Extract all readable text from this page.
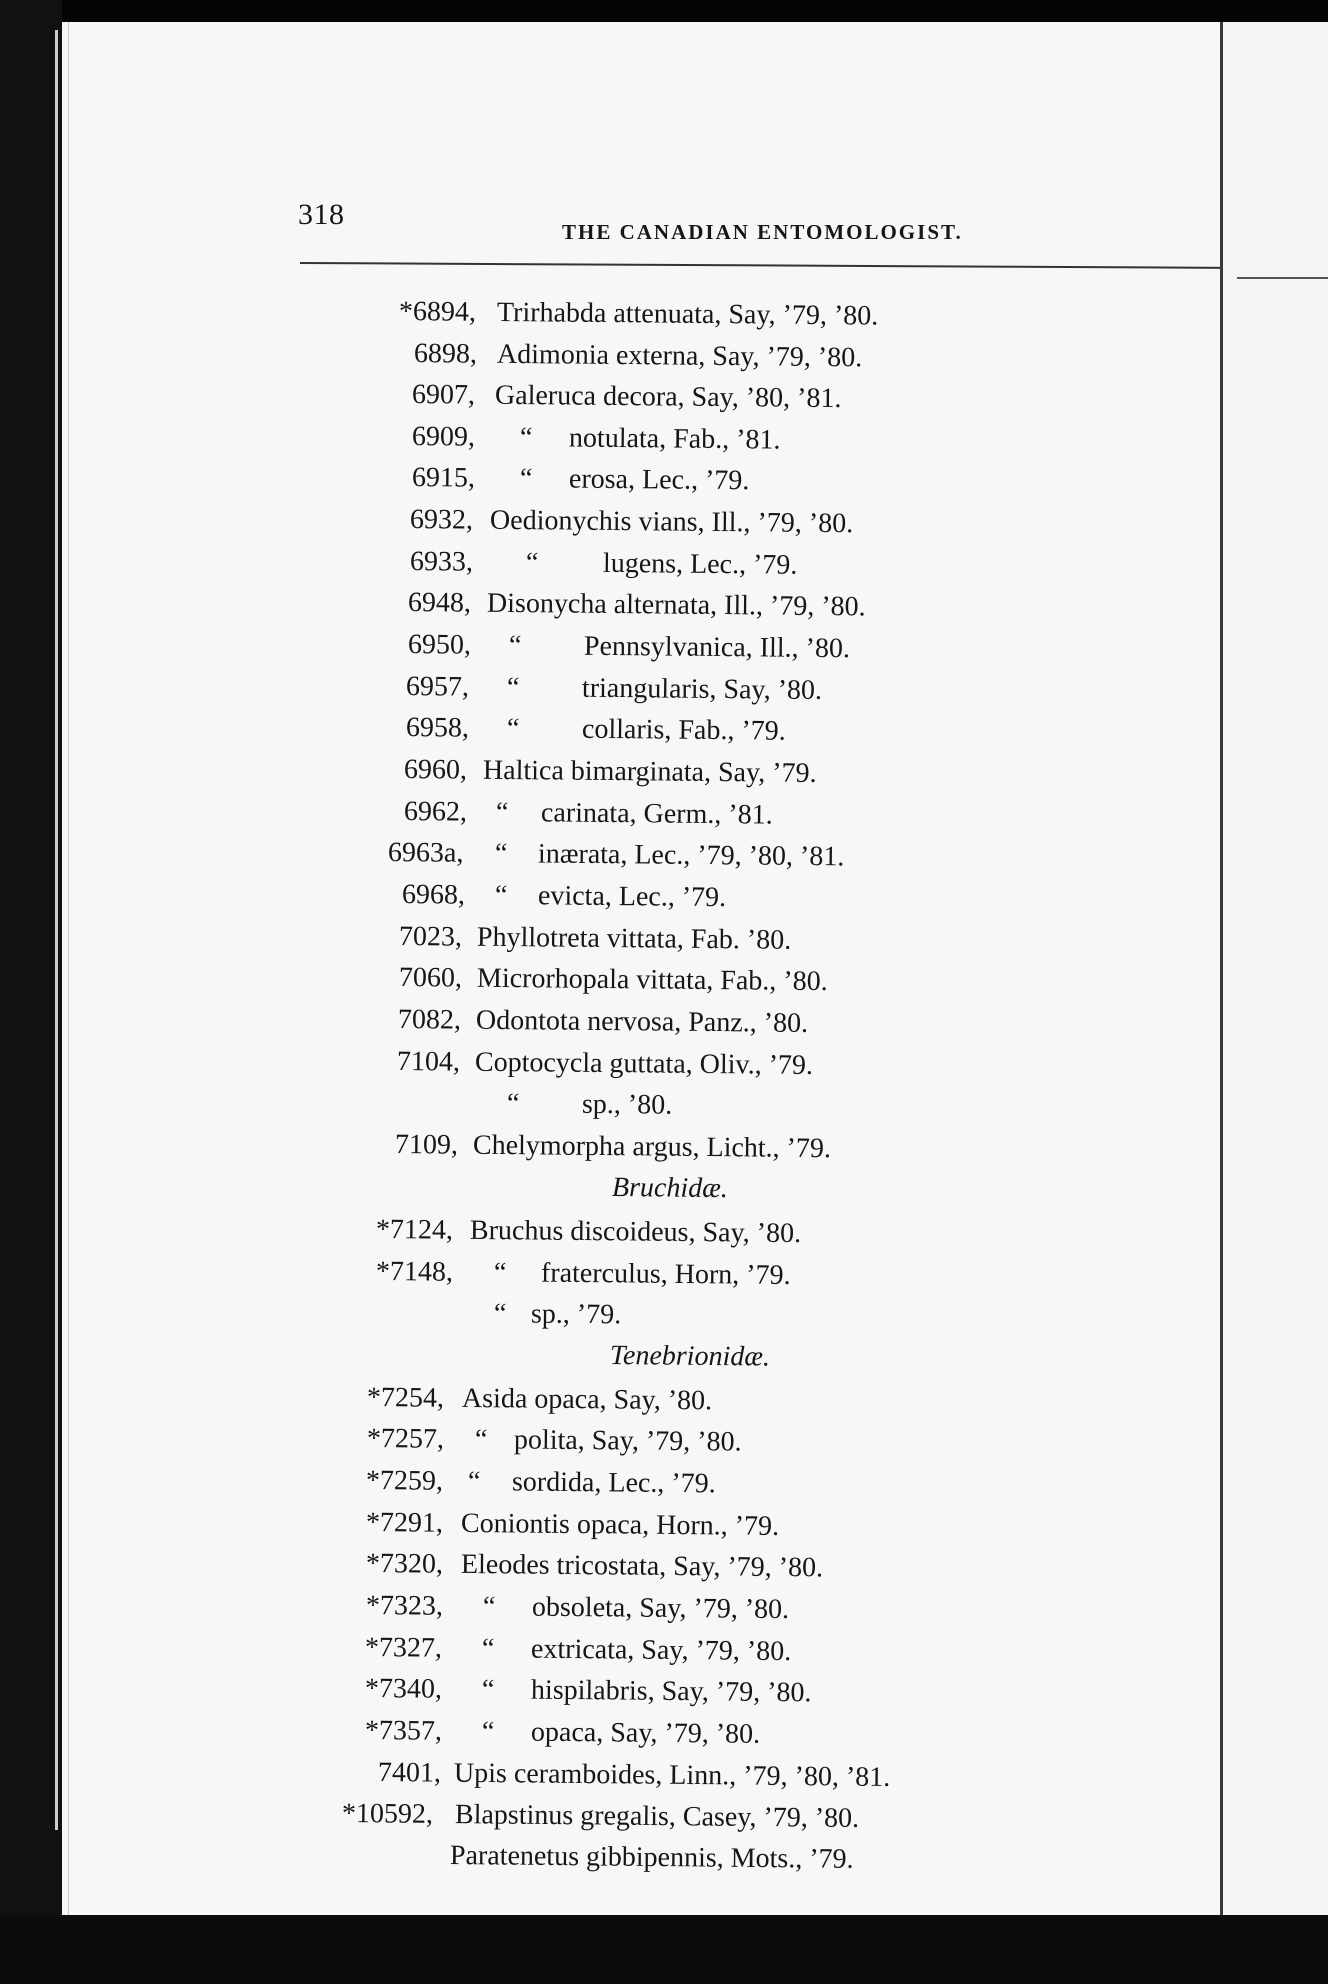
318
THE CANADIAN ENTOMOLOGIST.
*6894, Trirhabda attenuata, Say, ’79, ’80.
6898, Adimonia externa, Say, ’79, ’80.
6907, Galeruca decora, Say, ’80, ’81.
6909, “ notulata, Fab., ’81.
6915, “ erosa, Lec., ’79.
6932, Oedionychis vians, Ill., ’79, ’80.
6933, “ lugens, Lec., ’79.
6948, Disonycha alternata, Ill., ’79, ’80.
6950, “ Pennsylvanica, Ill., ’80.
6957, “ triangularis, Say, ’80.
6958, “ collaris, Fab., ’79.
6960, Haltica bimarginata, Say, ’79.
6962, “ carinata, Germ., ’81.
6963a, “ inærata, Lec., ’79, ’80, ’81.
6968, “ evicta, Lec., ’79.
7023, Phyllotreta vittata, Fab. ’80.
7060, Microrhopala vittata, Fab., ’80.
7082, Odontota nervosa, Panz., ’80.
7104, Coptocycla guttata, Oliv., ’79.
“ sp., ’80.
7109, Chelymorpha argus, Licht., ’79.
Bruchidæ.
*7124, Bruchus discoideus, Say, ’80.
*7148, “ fraterculus, Horn, ’79.
“ sp., ’79.
Tenebrionidæ.
*7254, Asida opaca, Say, ’80.
*7257, “ polita, Say, ’79, ’80.
*7259, “ sordida, Lec., ’79.
*7291, Coniontis opaca, Horn., ’79.
*7320, Eleodes tricostata, Say, ’79, ’80.
*7323, “ obsoleta, Say, ’79, ’80.
*7327, “ extricata, Say, ’79, ’80.
*7340, “ hispilabris, Say, ’79, ’80.
*7357, “ opaca, Say, ’79, ’80.
7401, Upis ceramboides, Linn., ’79, ’80, ’81.
*10592, Blapstinus gregalis, Casey, ’79, ’80.
Paratenetus gibbipennis, Mots., ’79.
